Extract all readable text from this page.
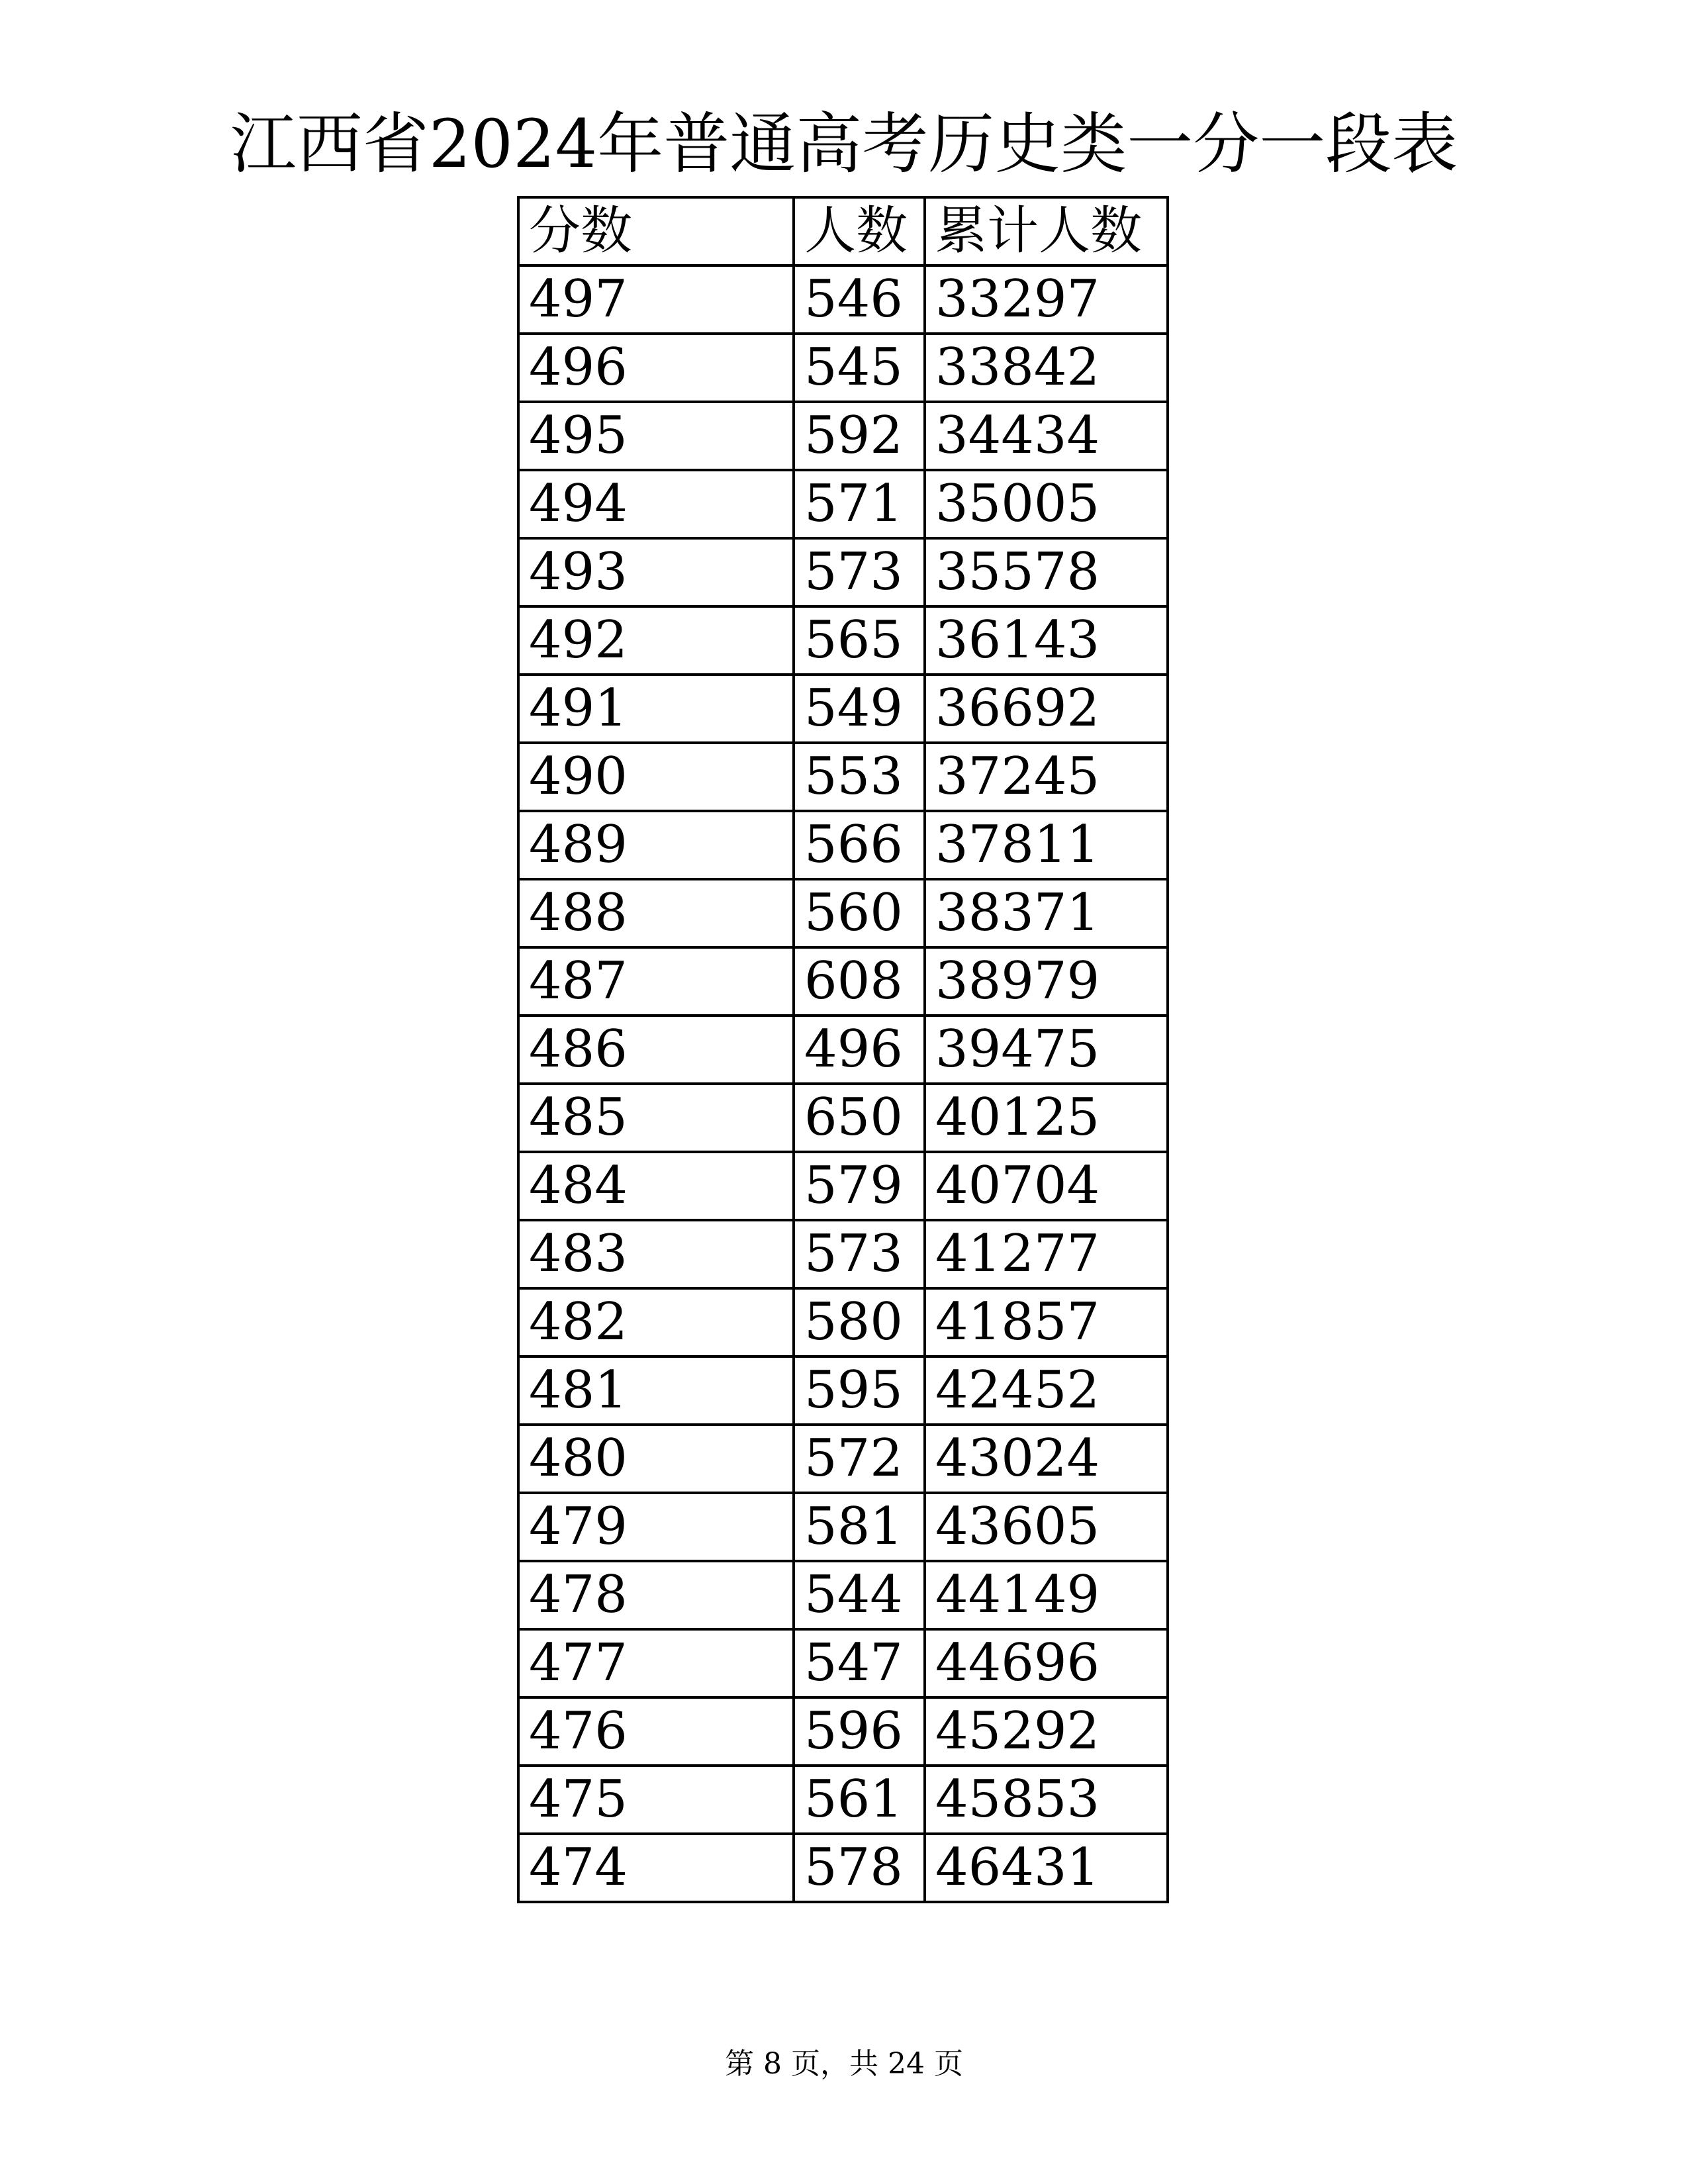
江西省2024年普通高考历史类一分一段表
分数	人数	累计人数
497	546	33297
496	545	33842
495	592	34434
494	571	35005
493	573	35578
492	565	36143
491	549	36692
490	553	37245
489	566	37811
488	560	38371
487	608	38979
486	496	39475
485	650	40125
484	579	40704
483	573	41277
482	580	41857
481	595	42452
480	572	43024
479	581	43605
478	544	44149
477	547	44696
476	596	45292
475	561	45853
474	578	46431
第 8 页，共 24 页
